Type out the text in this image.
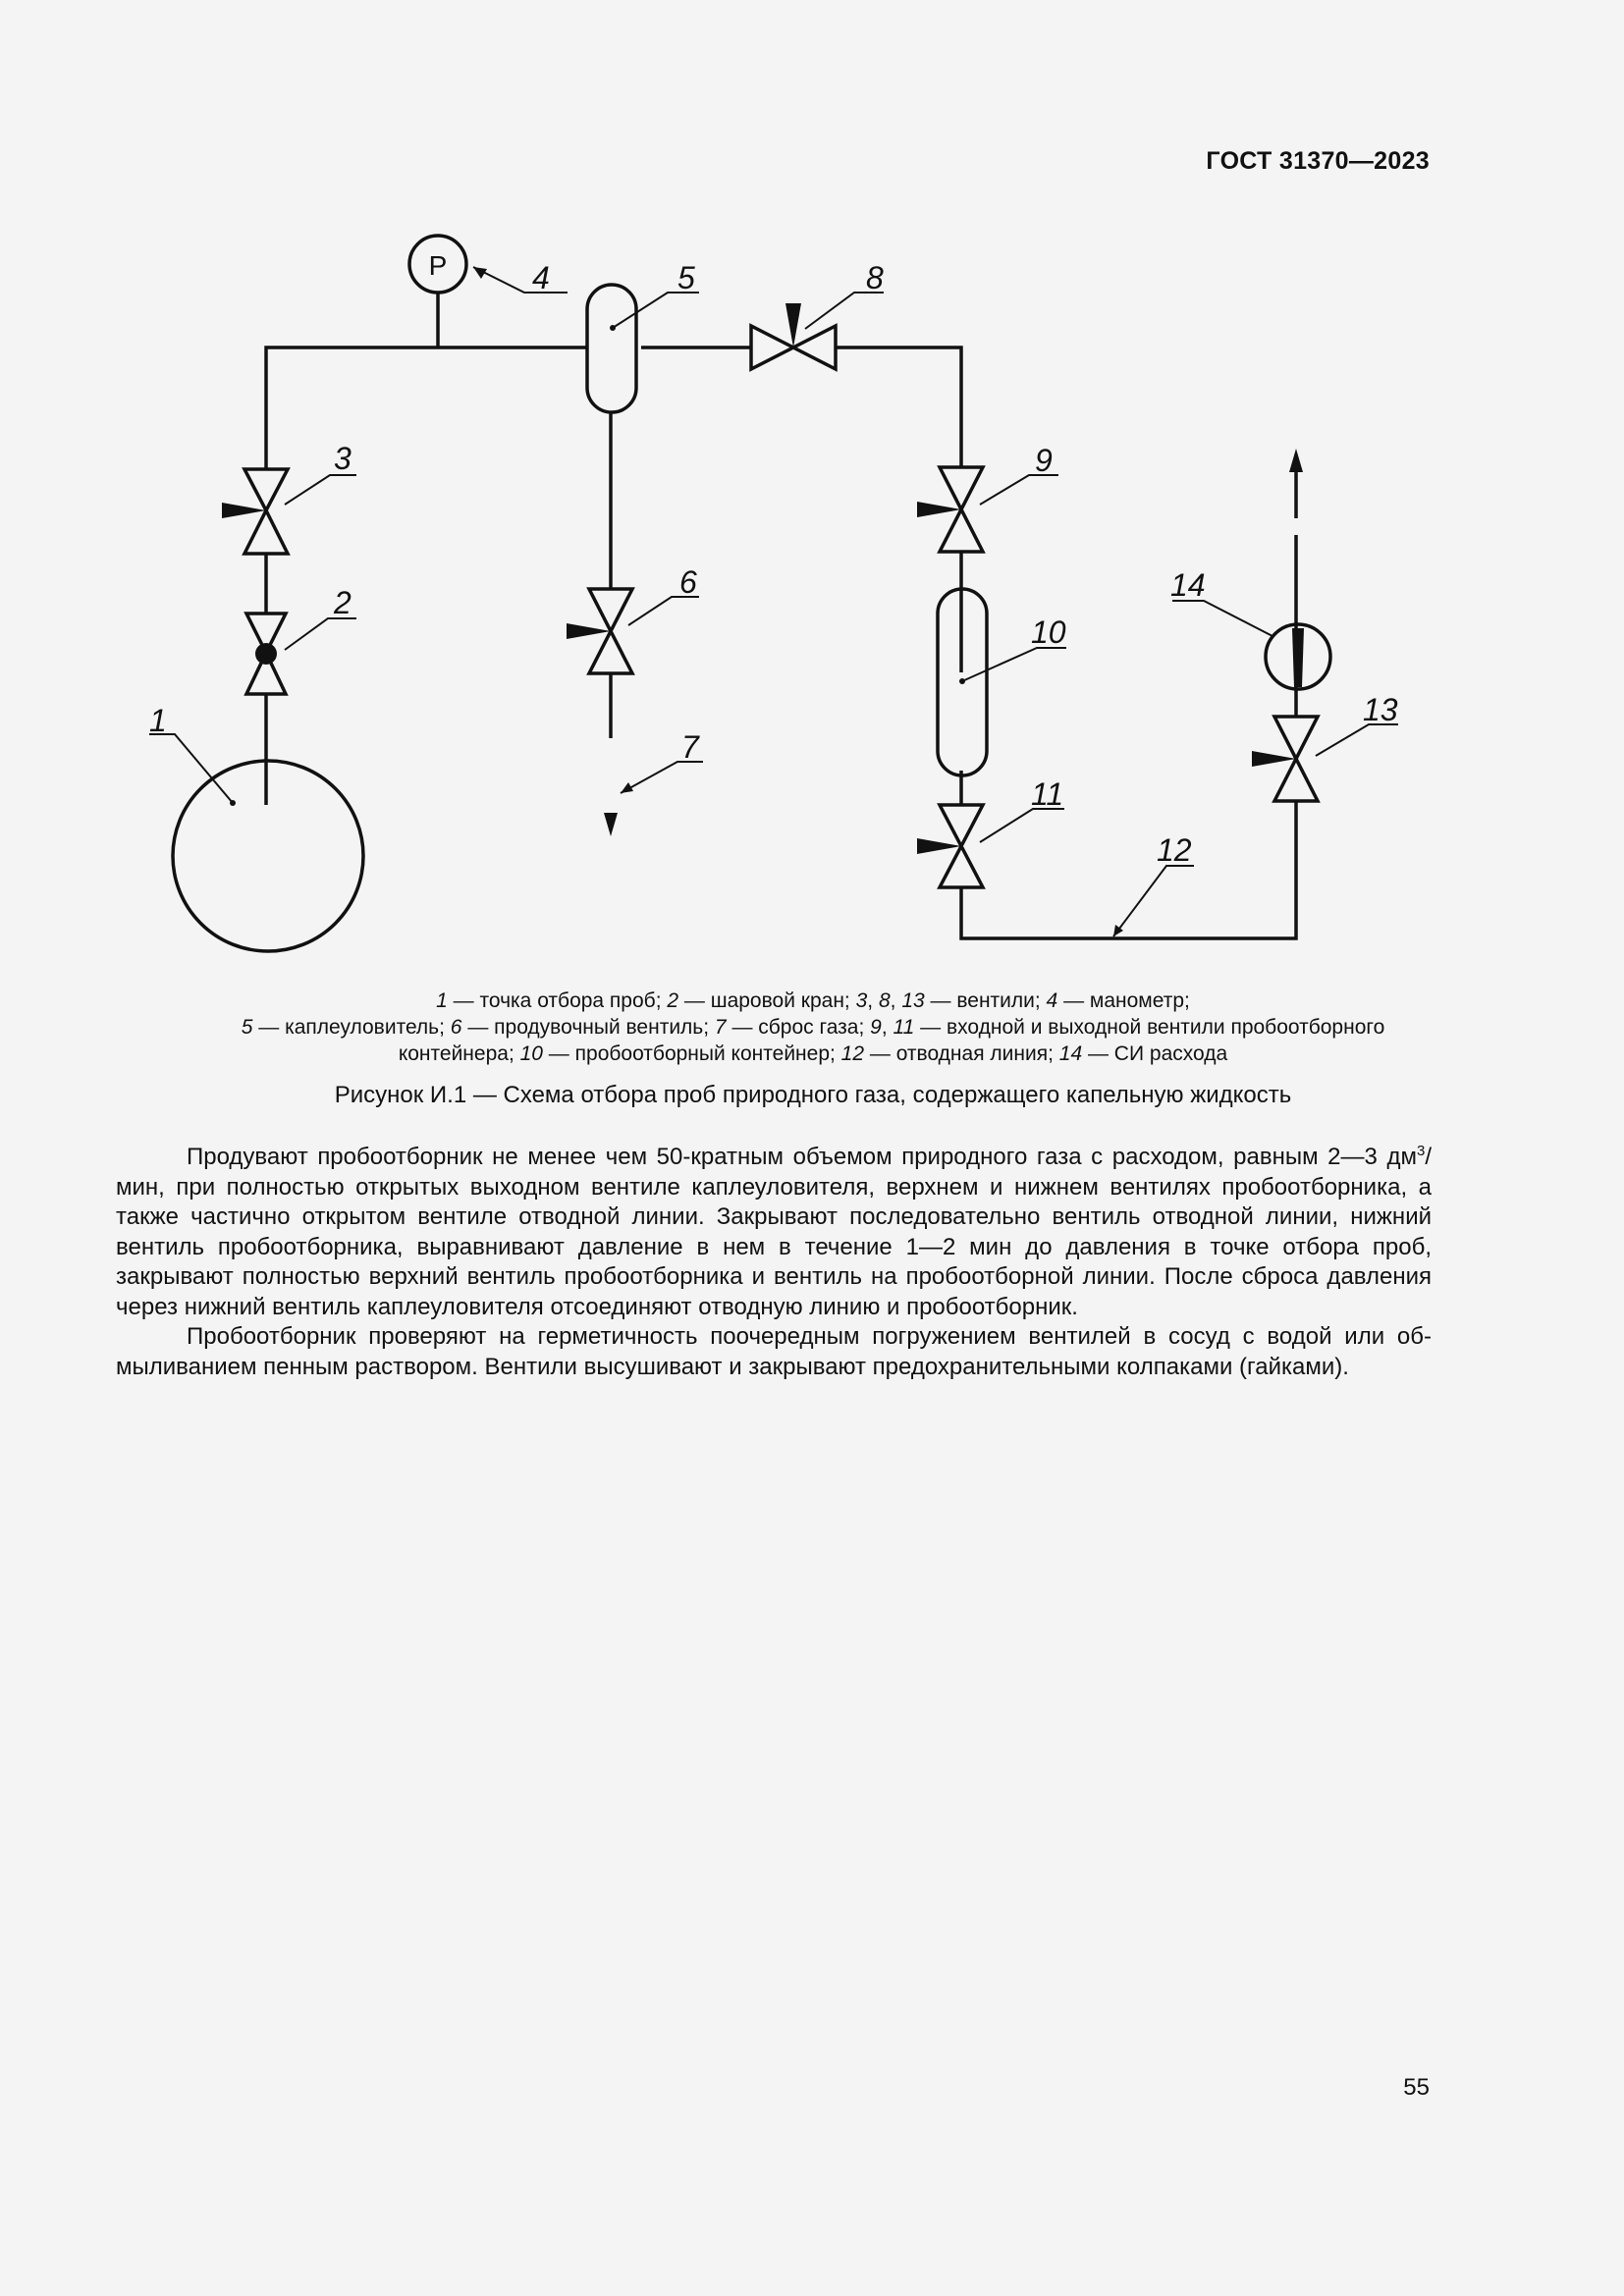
ГОСТ 31370—2023
P
1
2
3
4	5
6
7
8
9
10
11
12
13
14
1 — точка отбора проб; 2 — шаровой кран; 3, 8, 13 — вентили; 4 — манометр;
5 — каплеуловитель; 6 — продувочный вентиль; 7 — сброс газа; 9, 11 — входной и выходной вентили пробоотборного
контейнера; 10 — пробоотборный контейнер; 12 — отводная линия; 14 — СИ расхода
Рисунок И.1 — Схема отбора проб природного газа, содержащего капельную жидкость

Продувают пробоотборник не менее чем 50-кратным объемом природного газа с расходом, равным 2—3 $дм^3$/мин, при полностью открытых выходном вентиле каплеуловителя, верхнем и нижнем вентилях пробоотборника, а также частично открытом вентиле отводной линии. Закрывают последовательно вентиль отводной линии, нижний вентиль пробоотборника, выравнивают давление в нем в течение 1—2 мин до давления в точке отбора проб, закрывают полностью верхний вентиль пробоотборника и вентиль на пробоотборной линии. После сброса давления через нижний вентиль каплеуловителя отсоединяют отводную линию и пробоотборник.

Пробоотборник проверяют на герметичность поочередным погружением вентилей в сосуд с водой или обмыливанием пенным раствором. Вентили высушивают и закрывают предохранительными колпаками (гайками).

55
